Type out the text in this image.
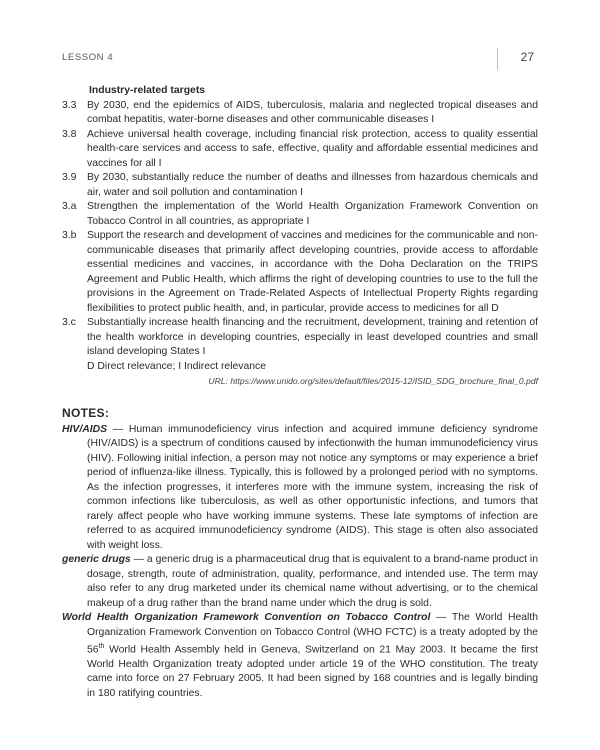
LESSON 4	27
Industry-related targets
3.3	By 2030, end the epidemics of AIDS, tuberculosis, malaria and neglected tropical diseases and combat hepatitis, water-borne diseases and other communicable diseases I
3.8	Achieve universal health coverage, including financial risk protection, access to quality essential health-care services and access to safe, effective, quality and affordable essential medicines and vaccines for all I
3.9	By 2030, substantially reduce the number of deaths and illnesses from hazardous chemicals and air, water and soil pollution and contamination I
3.a	Strengthen the implementation of the World Health Organization Framework Convention on Tobacco Control in all countries, as appropriate I
3.b	Support the research and development of vaccines and medicines for the communicable and non-communicable diseases that primarily affect developing countries, provide access to affordable essential medicines and vaccines, in accordance with the Doha Declaration on the TRIPS Agreement and Public Health, which affirms the right of developing countries to use to the full the provisions in the Agreement on Trade-Related Aspects of Intellectual Property Rights regarding flexibilities to protect public health, and, in particular, provide access to medicines for all D
3.c	Substantially increase health financing and the recruitment, development, training and retention of the health workforce in developing countries, especially in least developed countries and small island developing States I
D Direct relevance; I Indirect relevance
URL: https://www.unido.org/sites/default/files/2015-12/ISID_SDG_brochure_final_0.pdf
NOTES:
HIV/AIDS — Human immunodeficiency virus infection and acquired immune deficiency syndrome (HIV/AIDS) is a spectrum of conditions caused by infectionwith the human immunodeficiency virus (HIV). Following initial infection, a person may not notice any symptoms or may experience a brief period of influenza-like illness. Typically, this is followed by a prolonged period with no symptoms. As the infection progresses, it interferes more with the immune system, increasing the risk of common infections like tuberculosis, as well as other opportunistic infections, and tumors that rarely affect people who have working immune systems. These late symptoms of infection are referred to as acquired immunodeficiency syndrome (AIDS). This stage is often also associated with weight loss.
generic drugs — a generic drug is a pharmaceutical drug that is equivalent to a brand-name product in dosage, strength, route of administration, quality, performance, and intended use. The term may also refer to any drug marketed under its chemical name without advertising, or to the chemical makeup of a drug rather than the brand name under which the drug is sold.
World Health Organization Framework Convention on Tobacco Control — The World Health Organization Framework Convention on Tobacco Control (WHO FCTC) is a treaty adopted by the 56th World Health Assembly held in Geneva, Switzerland on 21 May 2003. It became the first World Health Organization treaty adopted under article 19 of the WHO constitution. The treaty came into force on 27 February 2005. It had been signed by 168 countries and is legally binding in 180 ratifying countries.
